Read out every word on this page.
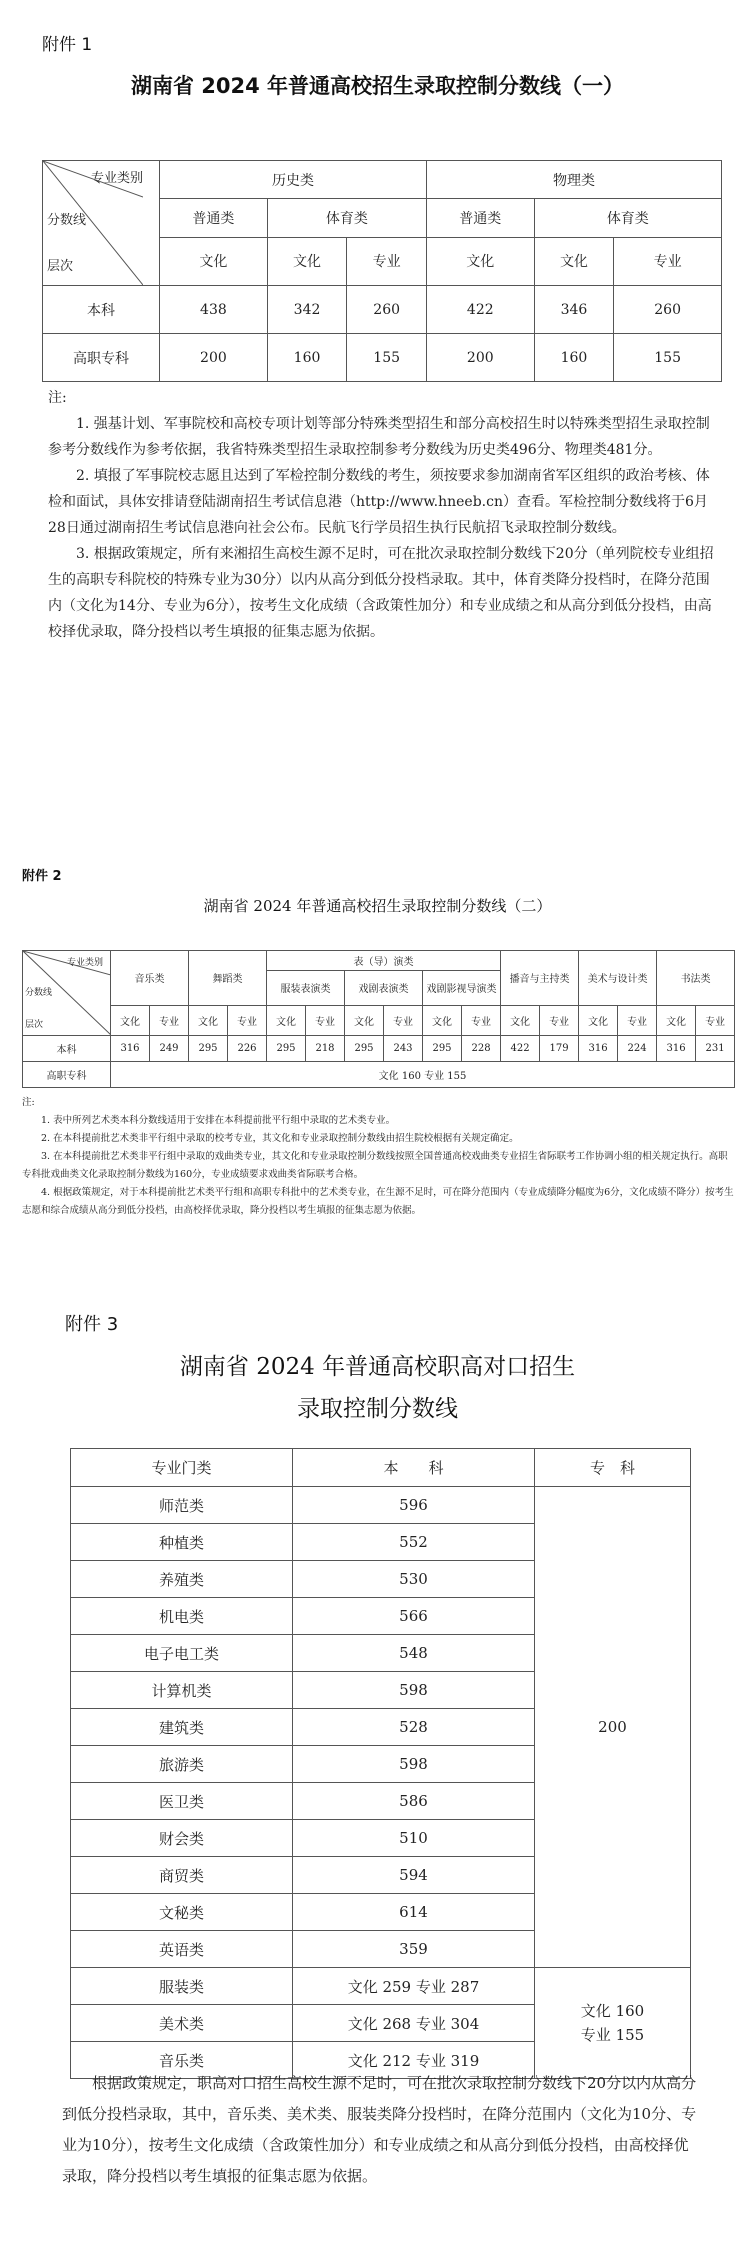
附件 1
湖南省 2024 年普通高校招生录取控制分数线（一）
专业类别
分数线
层次	历史类			物理类		
	普通类	体育类		普通类	体育类	
	文化	文化	专业	文化	文化	专业
本科	438	342	260	422	346	260
高职专科	200	160	155	200	160	155

注:

1. 强基计划、军事院校和高校专项计划等部分特殊类型招生和部分高校招生时以特殊类型招生录取控制参考分数线作为参考依据，我省特殊类型招生录取控制参考分数线为历史类496分、物理类481分。

2. 填报了军事院校志愿且达到了军检控制分数线的考生，须按要求参加湖南省军区组织的政治考核、体检和面试，具体安排请登陆湖南招生考试信息港（http://www.hneeb.cn）查看。军检控制分数线将于6月28日通过湖南招生考试信息港向社会公布。民航飞行学员招生执行民航招飞录取控制分数线。

3. 根据政策规定，所有来湘招生高校生源不足时，可在批次录取控制分数线下20分（单列院校专业组招生的高职专科院校的特殊专业为30分）以内从高分到低分投档录取。其中，体育类降分投档时，在降分范围内（文化为14分、专业为6分），按考生文化成绩（含政策性加分）和专业成绩之和从高分到低分投档，由高校择优录取，降分投档以考生填报的征集志愿为依据。

附件 2
湖南省 2024 年普通高校招生录取控制分数线（二）
专业类别
分数线
层次	音乐类		舞蹈类		表（导）演类						播音与主持类		美术与设计类		书法类	
					服装表演类		戏剧表演类		戏剧影视导演类							
	文化	专业	文化	专业	文化	专业	文化	专业	文化	专业	文化	专业	文化	专业	文化	专业
本科	316	249	295	226	295	218	295	243	295	228	422	179	316	224	316	231
高职专科	文化 160 专业 155															

注:

1. 表中所列艺术类本科分数线适用于安排在本科提前批平行组中录取的艺术类专业。

2. 在本科提前批艺术类非平行组中录取的校考专业，其文化和专业录取控制分数线由招生院校根据有关规定确定。

3. 在本科提前批艺术类非平行组中录取的戏曲类专业，其文化和专业录取控制分数线按照全国普通高校戏曲类专业招生省际联考工作协调小组的相关规定执行。高职专科批戏曲类文化录取控制分数线为160分，专业成绩要求戏曲类省际联考合格。

4. 根据政策规定，对于本科提前批艺术类平行组和高职专科批中的艺术类专业，在生源不足时，可在降分范围内（专业成绩降分幅度为6分，文化成绩不降分）按考生志愿和综合成绩从高分到低分投档，由高校择优录取，降分投档以考生填报的征集志愿为依据。

附件 3
湖南省 2024 年普通高校职高对口招生
录取控制分数线
专业门类	本　　科	专　科
师范类	596	200
种植类	552	
养殖类	530	
机电类	566	
电子电工类	548	
计算机类	598	
建筑类	528	
旅游类	598	
医卫类	586	
财会类	510	
商贸类	594	
文秘类	614	
英语类	359	
服装类	文化 259 专业 287	文化 160
专业 155

美术类	文化 268 专业 304	
音乐类	文化 212 专业 319	

根据政策规定，职高对口招生高校生源不足时，可在批次录取控制分数线下20分以内从高分到低分投档录取，其中，音乐类、美术类、服装类降分投档时，在降分范围内（文化为10分、专业为10分），按考生文化成绩（含政策性加分）和专业成绩之和从高分到低分投档，由高校择优录取，降分投档以考生填报的征集志愿为依据。
